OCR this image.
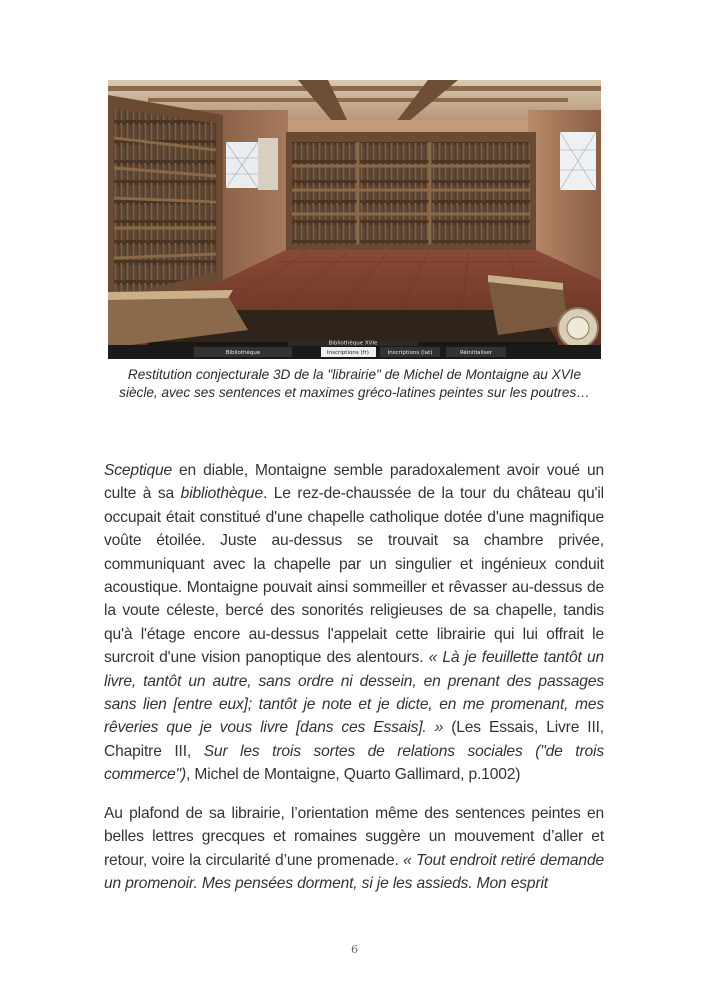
Bibliothèque XVIe
Bibliothèque	Inscriptions (fr)	Inscriptions (lat)	Réinitialiser
Restitution conjecturale 3D de la "librairie" de Michel de Montaigne au XVIe siècle, avec ses sentences et maximes gréco-latines peintes sur les poutres…

Sceptique en diable, Montaigne semble paradoxalement avoir voué un culte à sa bibliothèque. Le rez-de-chaussée de la tour du château qu'il occupait était constitué d'une chapelle catholique dotée d'une magnifique voûte étoilée. Juste au-dessus se trouvait sa chambre privée, communiquant avec la chapelle par un singulier et ingénieux conduit acoustique. Montaigne pouvait ainsi sommeiller et rêvasser au-dessus de la voute céleste, bercé des sonorités religieuses de sa chapelle, tandis qu'à l'étage encore au-dessus l'appelait cette librairie qui lui offrait le surcroit d'une vision panoptique des alentours. « Là je feuillette tantôt un livre, tantôt un autre, sans ordre ni dessein, en prenant des passages sans lien [entre eux]; tantôt je note et je dicte, en me promenant, mes rêveries que je vous livre [dans ces Essais]. » (Les Essais, Livre III, Chapitre III, Sur les trois sortes de relations sociales ("de trois commerce"), Michel de Montaigne, Quarto Gallimard, p.1002)

Au plafond de sa librairie, l’orientation même des sentences peintes en belles lettres grecques et romaines suggère un mouvement d’aller et retour, voire la circularité d’une promenade. « Tout endroit retiré demande un promenoir. Mes pensées dorment, si je les assieds. Mon esprit

6
